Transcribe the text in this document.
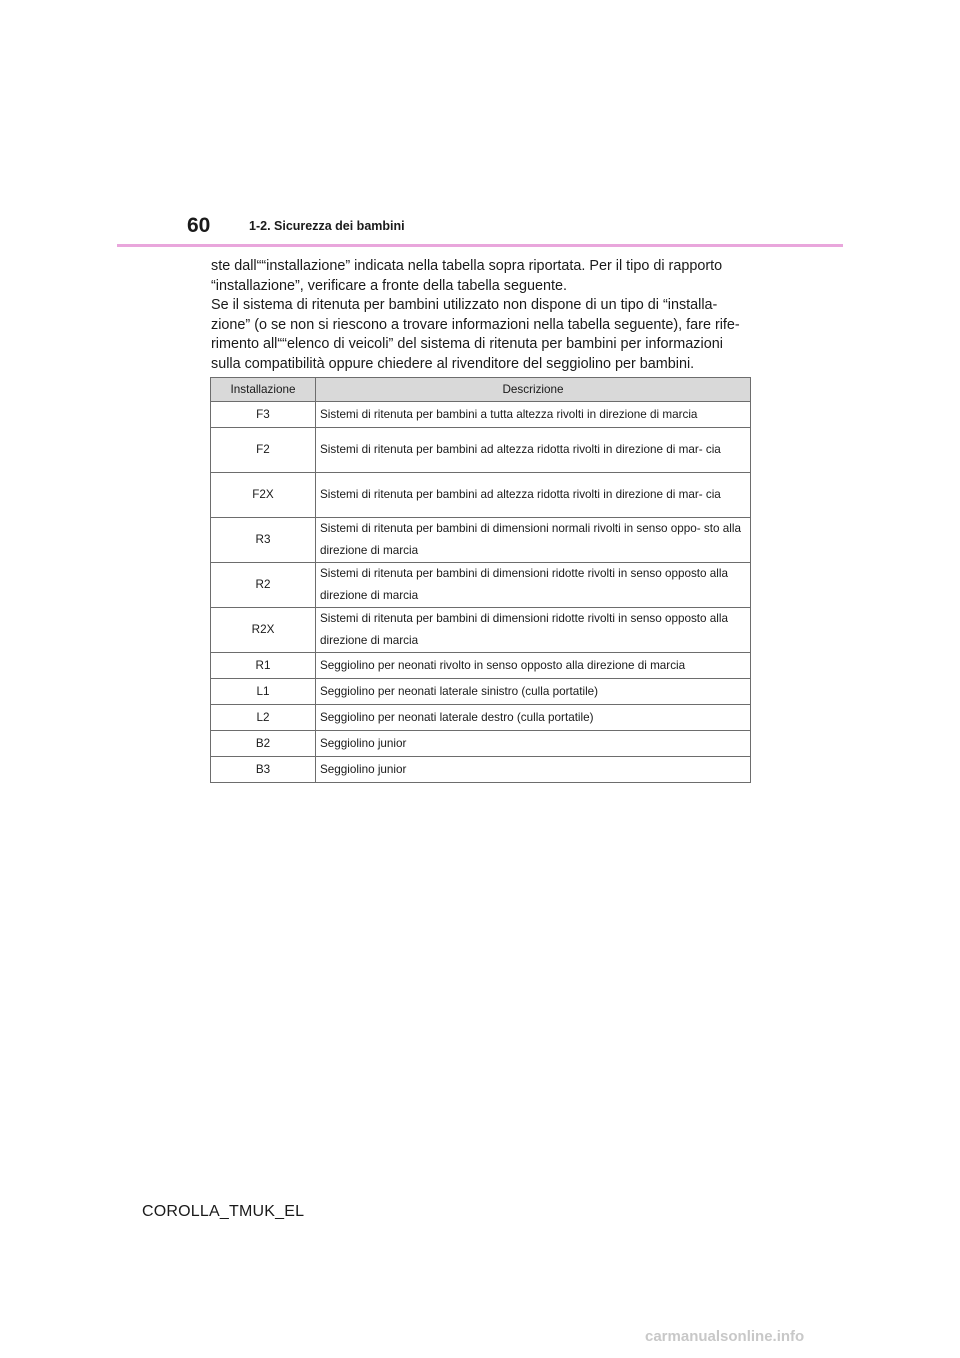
60	1-2. Sicurezza dei bambini

ste dall““installazione” indicata nella tabella sopra riportata. Per il tipo di rapporto “installazione”, verificare a fronte della tabella seguente.

Se il sistema di ritenuta per bambini utilizzato non dispone di un tipo di “installa- zione” (o se non si riescono a trovare informazioni nella tabella seguente), fare rife- rimento all““elenco di veicoli” del sistema di ritenuta per bambini per informazioni sulla compatibilità oppure chiedere al rivenditore del seggiolino per bambini.

Installazione	Descrizione
F3	Sistemi di ritenuta per bambini a tutta altezza rivolti in direzione di marcia
F2	Sistemi di ritenuta per bambini ad altezza ridotta rivolti in direzione di mar- cia
F2X	Sistemi di ritenuta per bambini ad altezza ridotta rivolti in direzione di mar- cia
R3	Sistemi di ritenuta per bambini di dimensioni normali rivolti in senso oppo- sto alla direzione di marcia
R2	Sistemi di ritenuta per bambini di dimensioni ridotte rivolti in senso opposto alla direzione di marcia
R2X	Sistemi di ritenuta per bambini di dimensioni ridotte rivolti in senso opposto alla direzione di marcia
R1	Seggiolino per neonati rivolto in senso opposto alla direzione di marcia
L1	Seggiolino per neonati laterale sinistro (culla portatile)
L2	Seggiolino per neonati laterale destro (culla portatile)
B2	Seggiolino junior
B3	Seggiolino junior
COROLLA_TMUK_EL
carmanualsonline.info
